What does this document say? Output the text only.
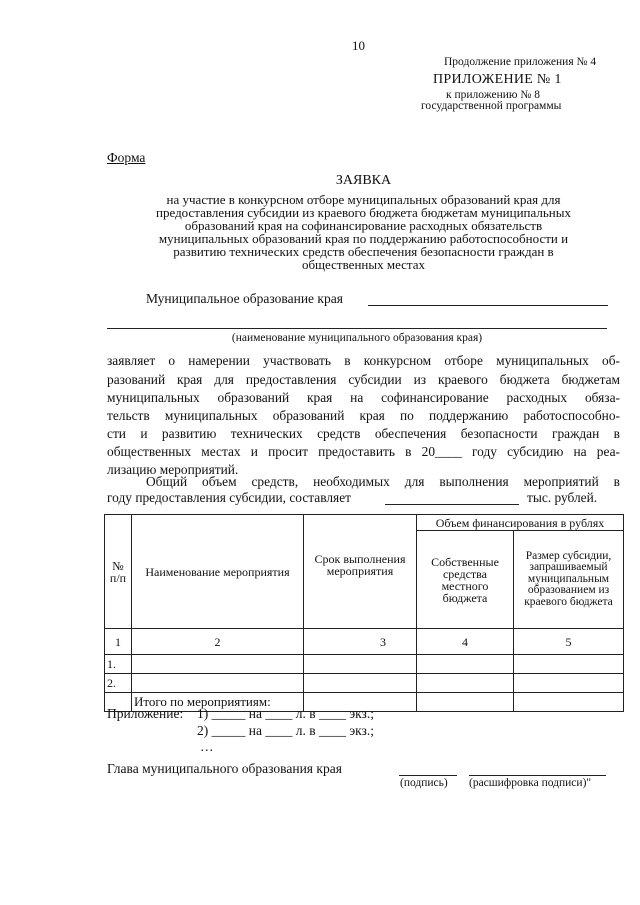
10
Продолжение приложения № 4
ПРИЛОЖЕНИЕ № 1
к приложению № 8
государственной программы
Форма
ЗАЯВКА
на участие в конкурсном отборе муниципальных образований края для
предоставления субсидии из краевого бюджета бюджетам муниципальных
образований края на софинансирование расходных обязательств
муниципальных образований края по поддержанию работоспособности и
развитию технических средств обеспечения безопасности граждан в
общественных местах
Муниципальное образование края
(наименование муниципального образования края)
заявляет о намерении участвовать в конкурсном отборе муниципальных об-
разований края для предоставления субсидии из краевого бюджета бюджетам
муниципальных образований края на софинансирование расходных обяза-
тельств муниципальных образований края по поддержанию работоспособно-
сти и развитию технических средств обеспечения безопасности граждан в
общественных местах и просит предоставить в 20____ году субсидию на реа-
лизацию мероприятий.
Общий объем средств, необходимых для выполнения мероприятий в
году предоставления субсидии, составляет	тыс. рублей.
№ п/п	Наименование мероприятия	Срок выполнения мероприятия	Объем финансирования в рублях	
			Собственные средства местного бюджета	Размер субсидии, запрашиваемый муниципальным образованием из краевого бюджета
1	2	3	4	5
1.				
2.				
	Итого по мероприятиям:			
Приложение: 1) _____ на ____ л. в ____ экз.;
2) _____ на ____ л. в ____ экз.;
…
Глава муниципального образования края
(подпись) (расшифровка подписи)"
